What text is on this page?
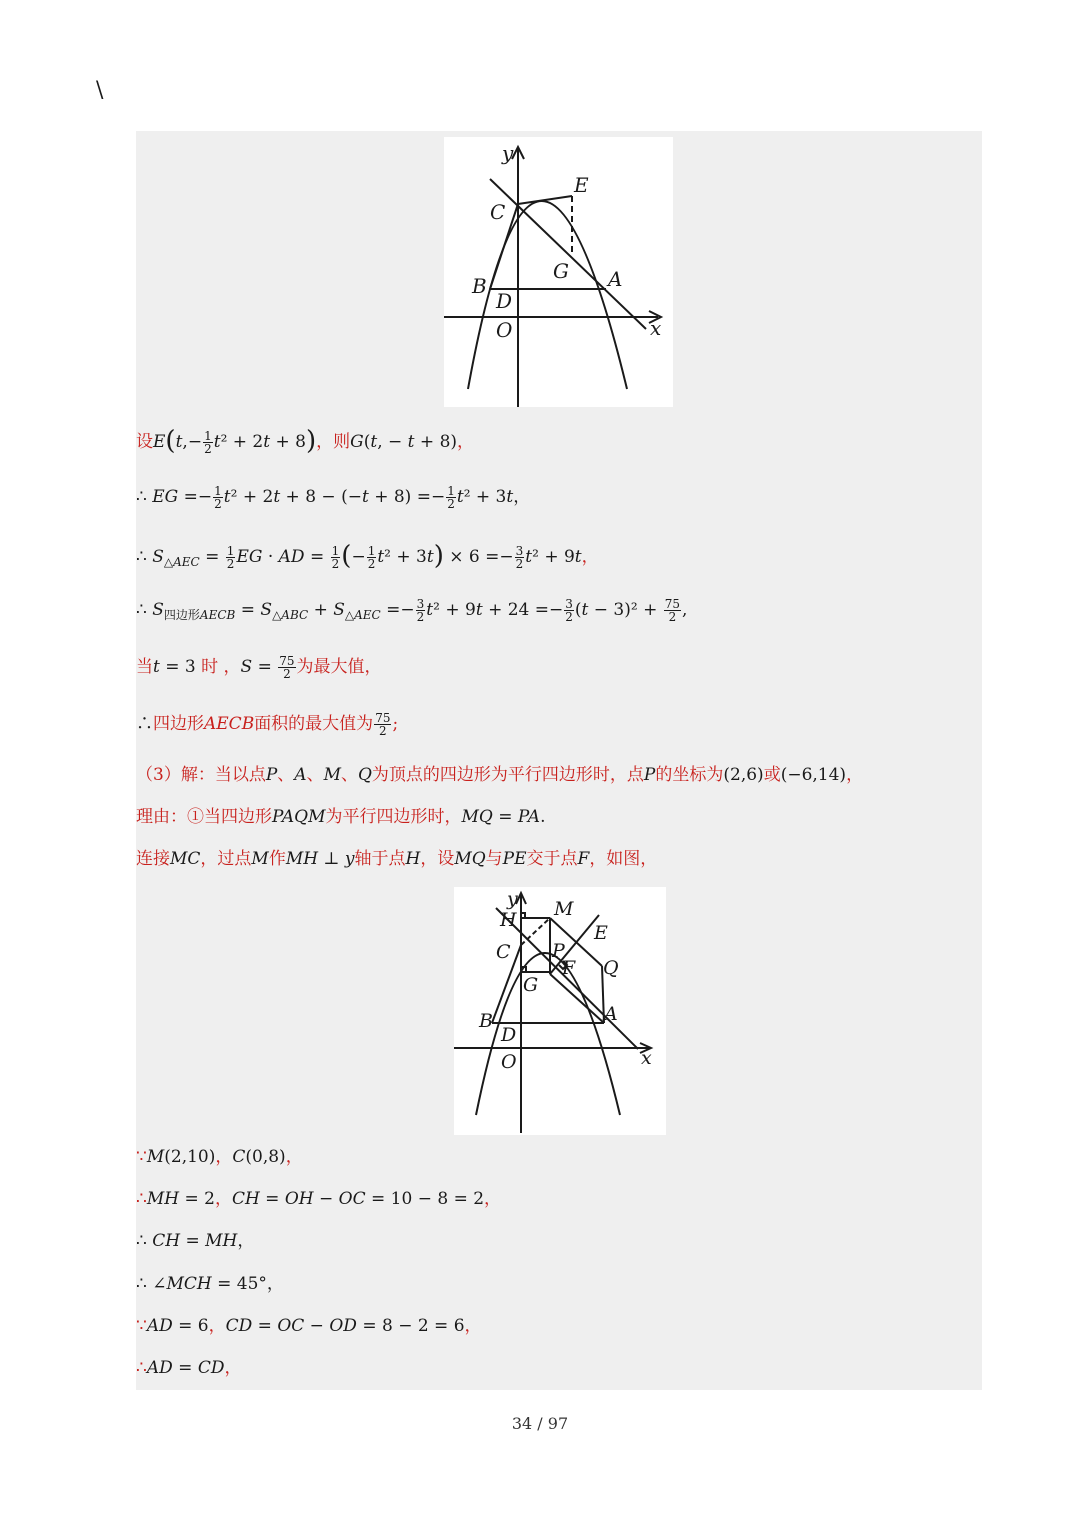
\
y
E
C
G A
B
D
O	x
设$E(t,- \frac{1}{2} t^2 + 2t + 8)$，则G(t, − t + 8)，
∴ EG =− $\frac{1}{2} t^2 + 2t + 8 - (-t + 8) =- \frac{1}{2} t^2 + 3t$，
∴ $S_{\triangle AEC} = \frac{1}{2}$ EG · AD = $\frac{1}{2}$ (− $\frac{1}{2} t^2 + 3t) \times 6 =- \frac{3}{2} t^2 + 9t$，
∴ $S_{四边形AECB} = S_{\triangle ABC} + S_{\triangle AEC} =- \frac{3}{2} t^2 + 9t + 24 =- \frac{3}{2} (t - 3)^2 + \frac{75}{2}$ ,
当t = 3 时 ，$S = \frac{75}{2}$ 为最大值，
∴四边形AECB面积的最大值为 $\frac{75}{2}$ ;
（3）解：当以点P、A、M、Q为顶点的四边形为平行四边形时，点P的坐标为(2,6)或(−6,14)，
理由：①当四边形PAQM为平行四边形时，MQ = PA.
连接MC，过点M作MH ⊥ y轴于点H，设MQ与PE交于点F，如图，
y
H M
E
C P
F Q
G
A
B
D
O	x
∵M(2,10)，C(0,8)，
∴MH = 2，CH = OH − OC = 10 − 8 = 2，
∴ CH = MH，
∴ ∠MCH = 45°，
∵AD = 6，CD = OC − OD = 8 − 2 = 6，
∴AD = CD，
34 / 97
